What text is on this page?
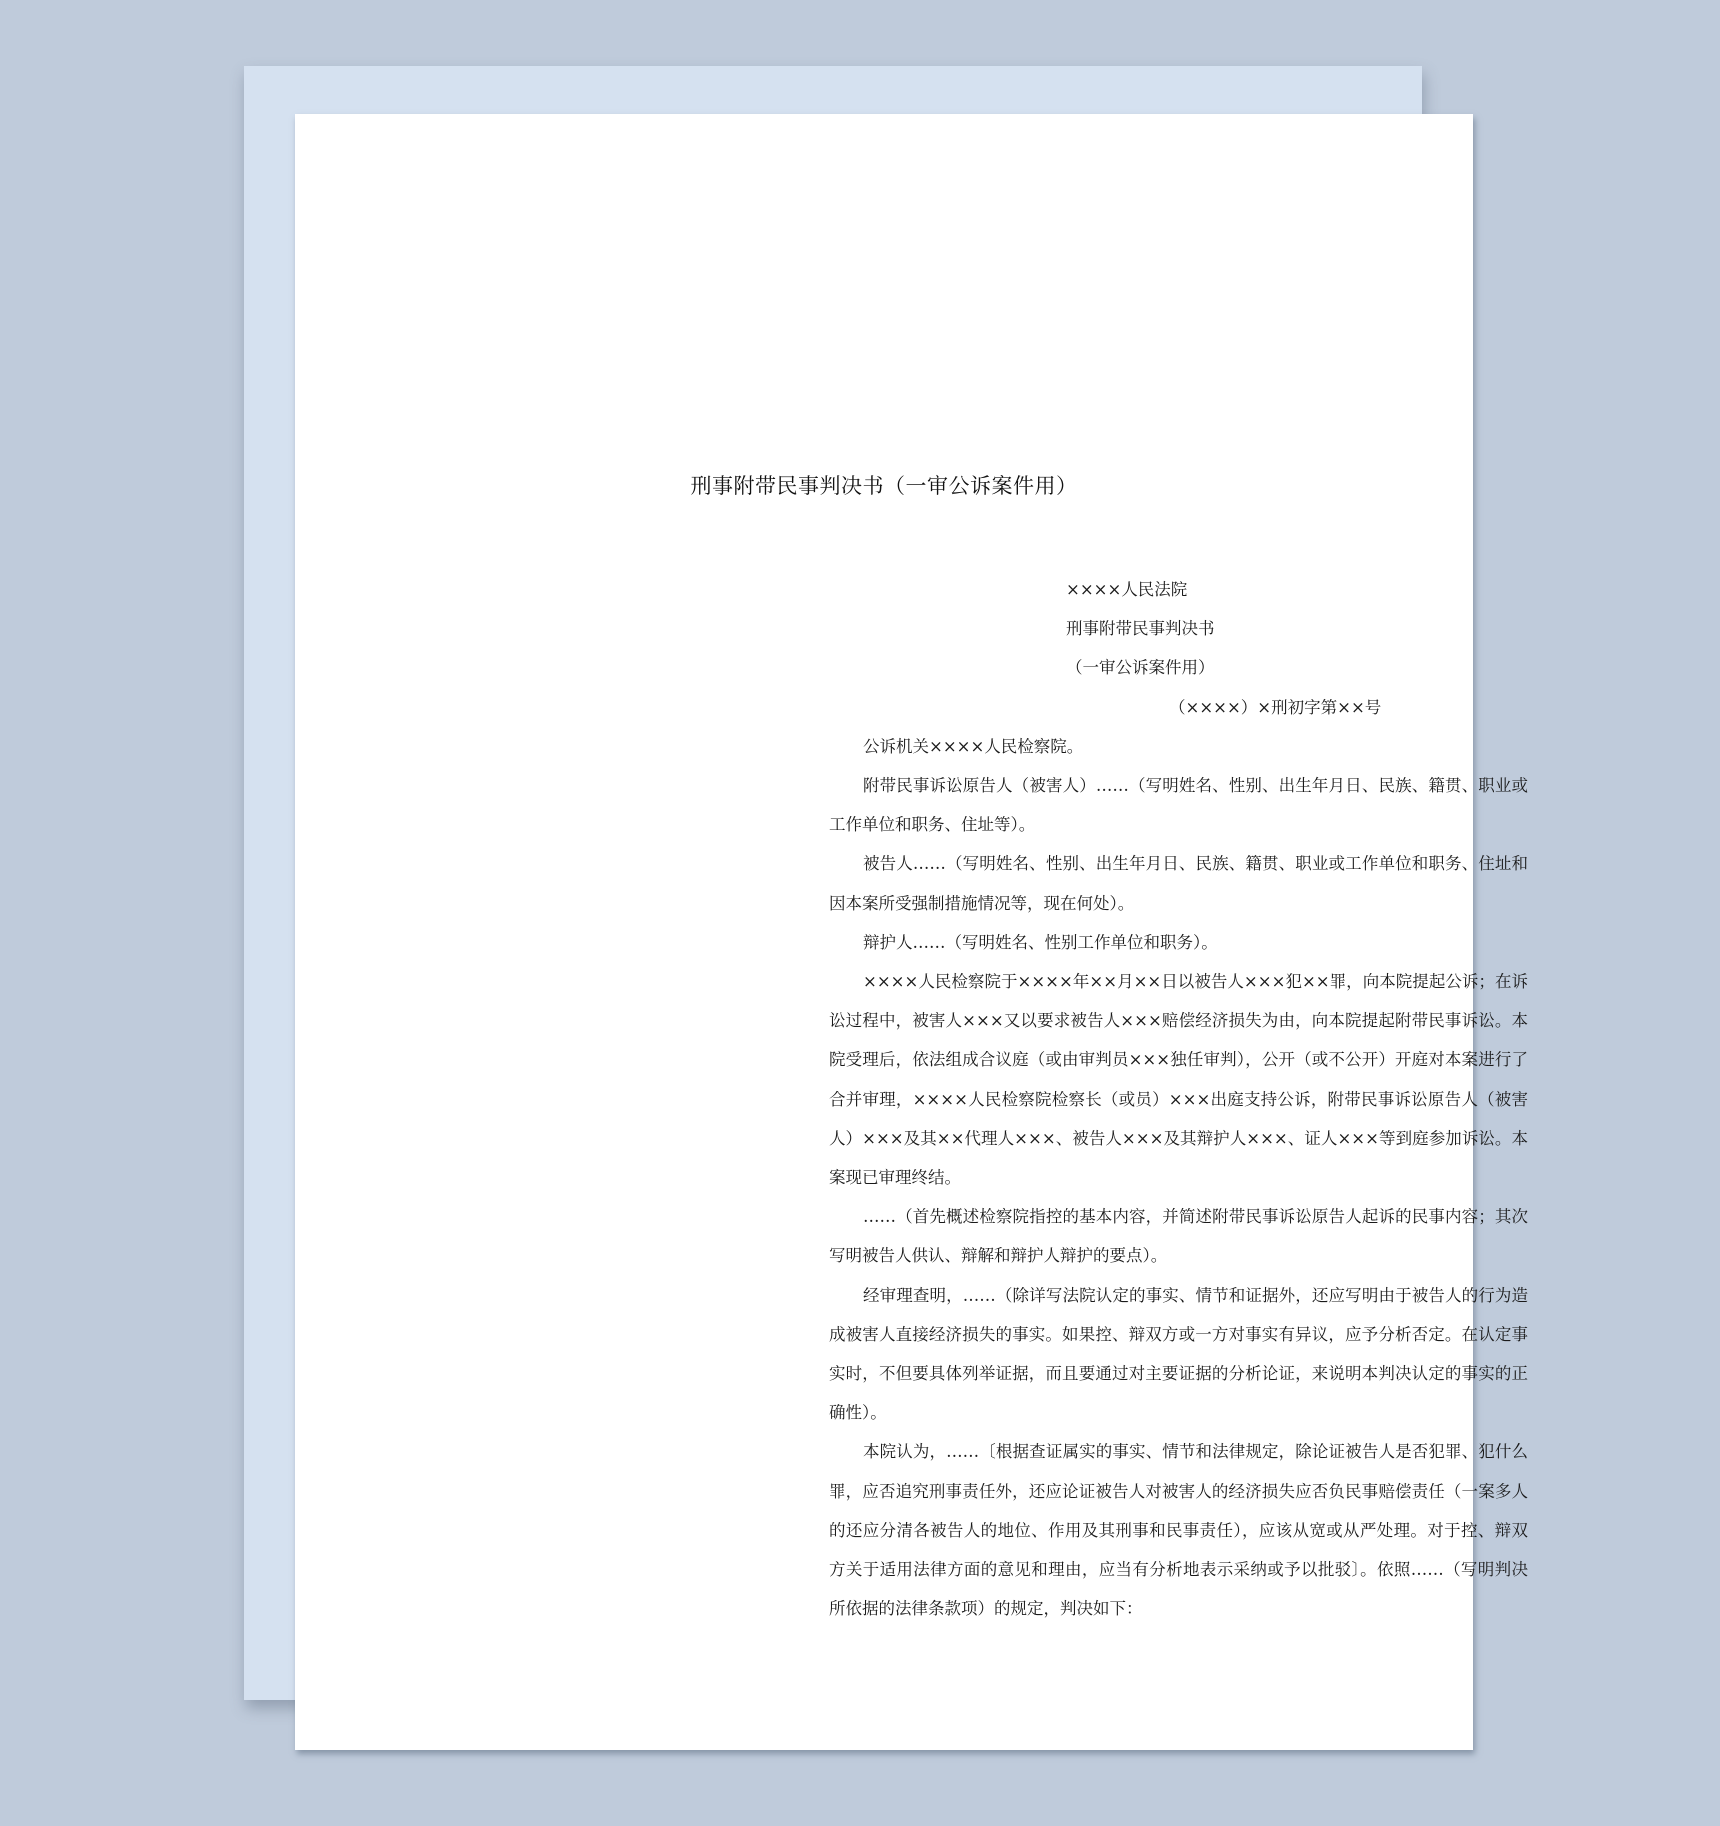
刑事附带民事判决书（一审公诉案件用）
××××人民法院
刑事附带民事判决书
（一审公诉案件用）
（××××）×刑初字第××号

公诉机关××××人民检察院。

附带民事诉讼原告人（被害人）……（写明姓名、性别、出生年月日、民族、籍贯、职业或工作单位和职务、住址等）。

被告人……（写明姓名、性别、出生年月日、民族、籍贯、职业或工作单位和职务、住址和因本案所受强制措施情况等，现在何处）。

辩护人……（写明姓名、性别工作单位和职务）。

××××人民检察院于××××年××月××日以被告人×××犯××罪，向本院提起公诉；在诉讼过程中，被害人×××又以要求被告人×××赔偿经济损失为由，向本院提起附带民事诉讼。本院受理后，依法组成合议庭（或由审判员×××独任审判），公开（或不公开）开庭对本案进行了合并审理，××××人民检察院检察长（或员）×××出庭支持公诉，附带民事诉讼原告人（被害人）×××及其××代理人×××、被告人×××及其辩护人×××、证人×××等到庭参加诉讼。本案现已审理终结。

……（首先概述检察院指控的基本内容，并简述附带民事诉讼原告人起诉的民事内容；其次写明被告人供认、辩解和辩护人辩护的要点）。

经审理查明，……（除详写法院认定的事实、情节和证据外，还应写明由于被告人的行为造成被害人直接经济损失的事实。如果控、辩双方或一方对事实有异议，应予分析否定。在认定事实时，不但要具体列举证据，而且要通过对主要证据的分析论证，来说明本判决认定的事实的正确性）。

本院认为，……〔根据查证属实的事实、情节和法律规定，除论证被告人是否犯罪、犯什么罪，应否追究刑事责任外，还应论证被告人对被害人的经济损失应否负民事赔偿责任（一案多人的还应分清各被告人的地位、作用及其刑事和民事责任），应该从宽或从严处理。对于控、辩双方关于适用法律方面的意见和理由，应当有分析地表示采纳或予以批驳〕。依照……（写明判决所依据的法律条款项）的规定，判决如下：
